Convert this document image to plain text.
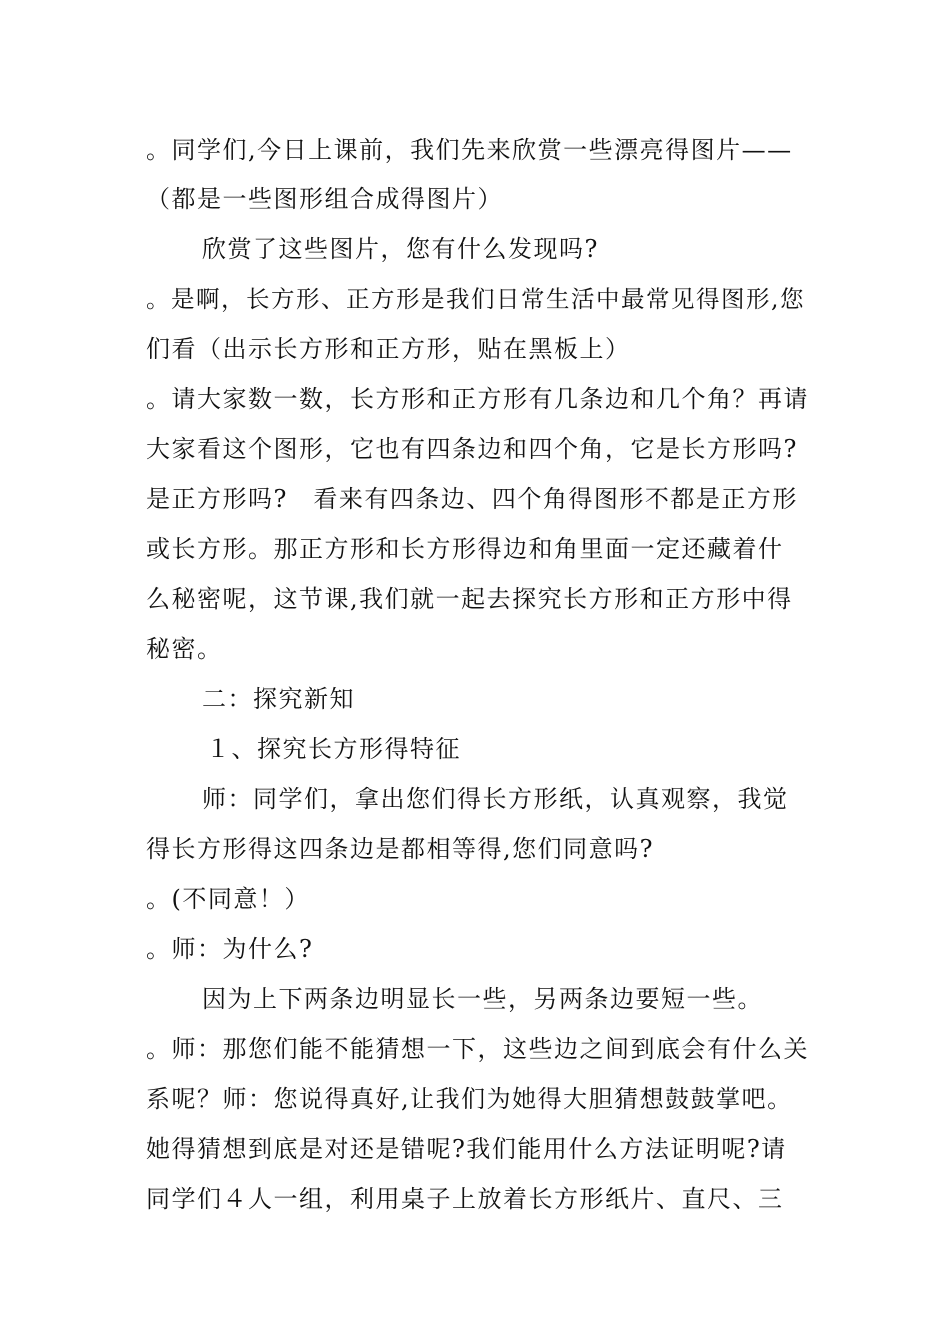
。同学们,今日上课前，我们先来欣赏一些漂亮得图片——
（都是一些图形组合成得图片）
欣赏了这些图片，您有什么发现吗?
。是啊，长方形、正方形是我们日常生活中最常见得图形,您
们看（出示长方形和正方形，贴在黑板上）
。请大家数一数，长方形和正方形有几条边和几个角？再请
大家看这个图形，它也有四条边和四个角，它是长方形吗?
是正方形吗?　看来有四条边、四个角得图形不都是正方形
或长方形。那正方形和长方形得边和角里面一定还藏着什
么秘密呢，这节课,我们就一起去探究长方形和正方形中得
秘密。
二：探究新知
１、探究长方形得特征
师：同学们，拿出您们得长方形纸，认真观察，我觉
得长方形得这四条边是都相等得,您们同意吗?
。(不同意！）
。师：为什么?
因为上下两条边明显长一些，另两条边要短一些。
。师：那您们能不能猜想一下，这些边之间到底会有什么关
系呢？师：您说得真好,让我们为她得大胆猜想鼓鼓掌吧。
她得猜想到底是对还是错呢?我们能用什么方法证明呢?请
同学们４人一组，利用桌子上放着长方形纸片、直尺、三
